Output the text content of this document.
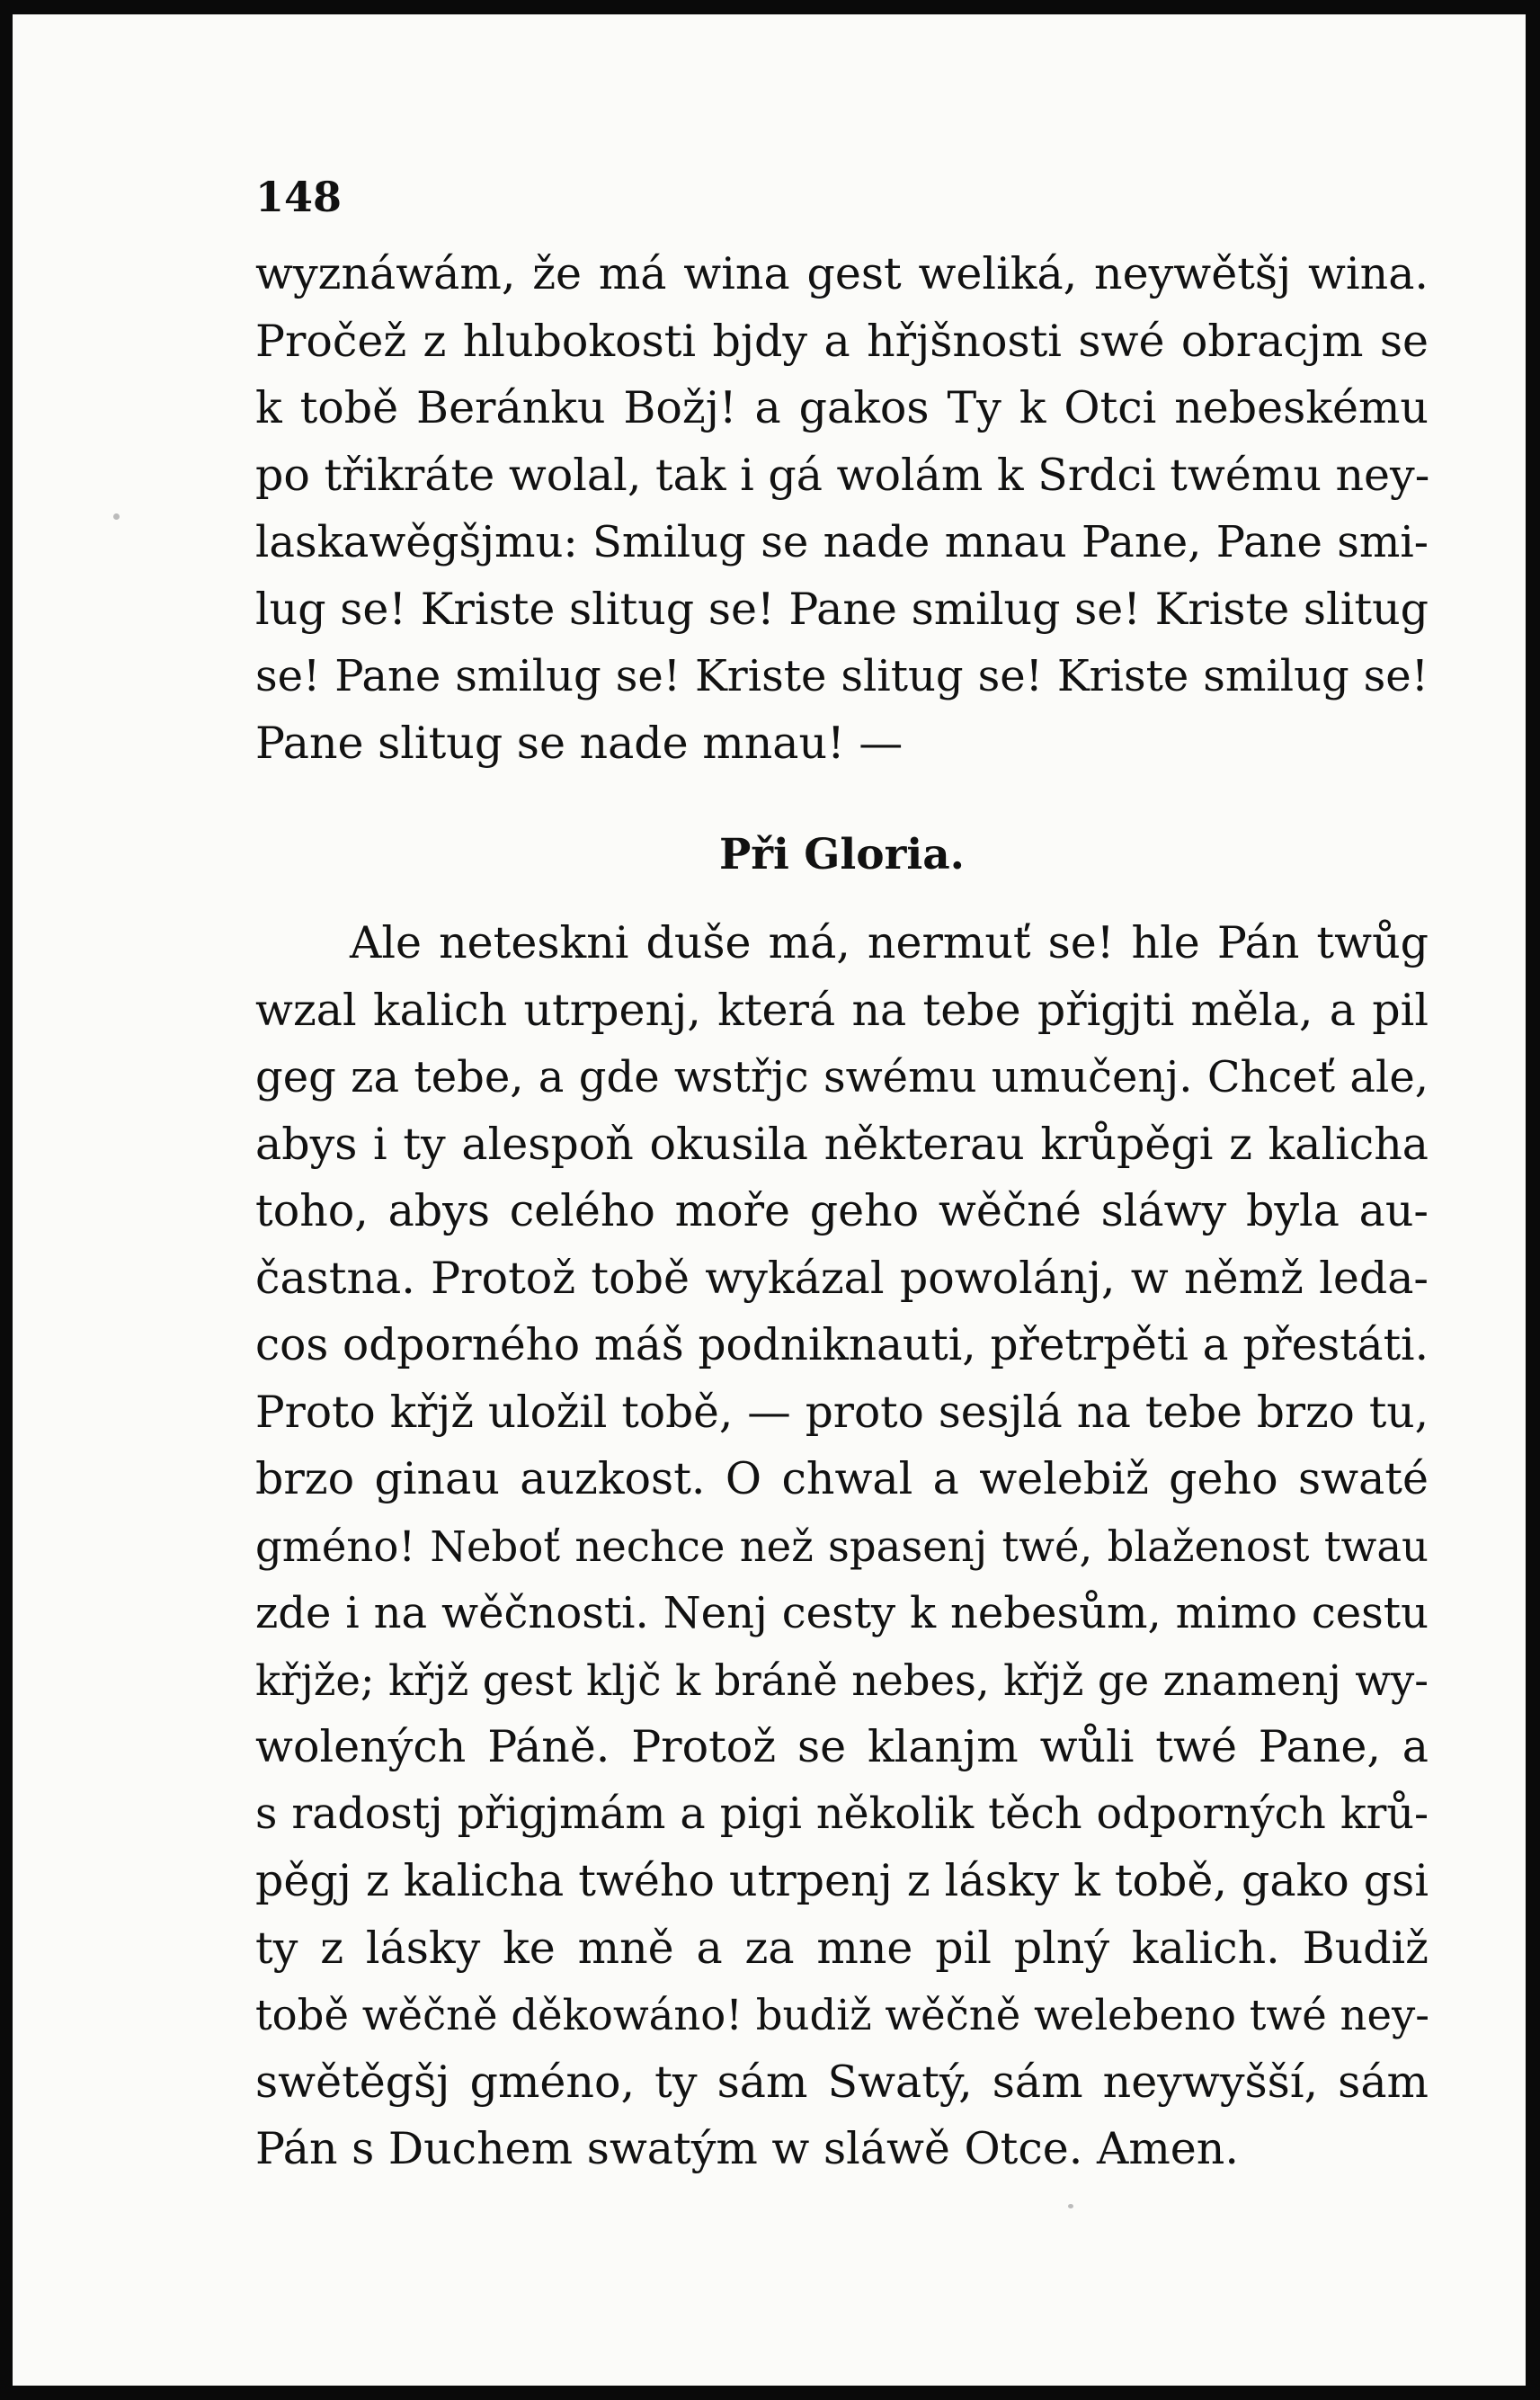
148
wyznáwám, že má wina gest weliká, neywětšj wina.
Pročež z hlubokosti bjdy a hřjšnosti swé obracjm se
k tobě Beránku Božj! a gakos Ty k Otci nebeskému
po třikráte wolal, tak i gá wolám k Srdci twému ney-
laskawěgšjmu: Smilug se nade mnau Pane, Pane smi-
lug se! Kriste slitug se! Pane smilug se! Kriste slitug
se! Pane smilug se! Kriste slitug se! Kriste smilug se!
Pane slitug se nade mnau! —
Při Gloria.
Ale neteskni duše má, nermuť se! hle Pán twůg
wzal kalich utrpenj, která na tebe přigjti měla, a pil
geg za tebe, a gde wstřjc swému umučenj. Chceť ale,
abys i ty alespoň okusila některau krůpěgi z kalicha
toho, abys celého moře geho wěčné sláwy byla au-
častna. Protož tobě wykázal powolánj, w němž leda-
cos odporného máš podniknauti, přetrpěti a přestáti.
Proto křjž uložil tobě, — proto sesjlá na tebe brzo tu,
brzo ginau auzkost. O chwal a welebiž geho swaté
gméno! Neboť nechce než spasenj twé, blaženost twau
zde i na wěčnosti. Nenj cesty k nebesům, mimo cestu
křjže; křjž gest kljč k bráně nebes, křjž ge znamenj wy-
wolených Páně. Protož se klanjm wůli twé Pane, a
s radostj přigjmám a pigi několik těch odporných krů-
pěgj z kalicha twého utrpenj z lásky k tobě, gako gsi
ty z lásky ke mně a za mne pil plný kalich. Budiž
tobě wěčně děkowáno! budiž wěčně welebeno twé ney-
swětěgšj gméno, ty sám Swatý, sám neywyšší, sám
Pán s Duchem swatým w sláwě Otce. Amen.
